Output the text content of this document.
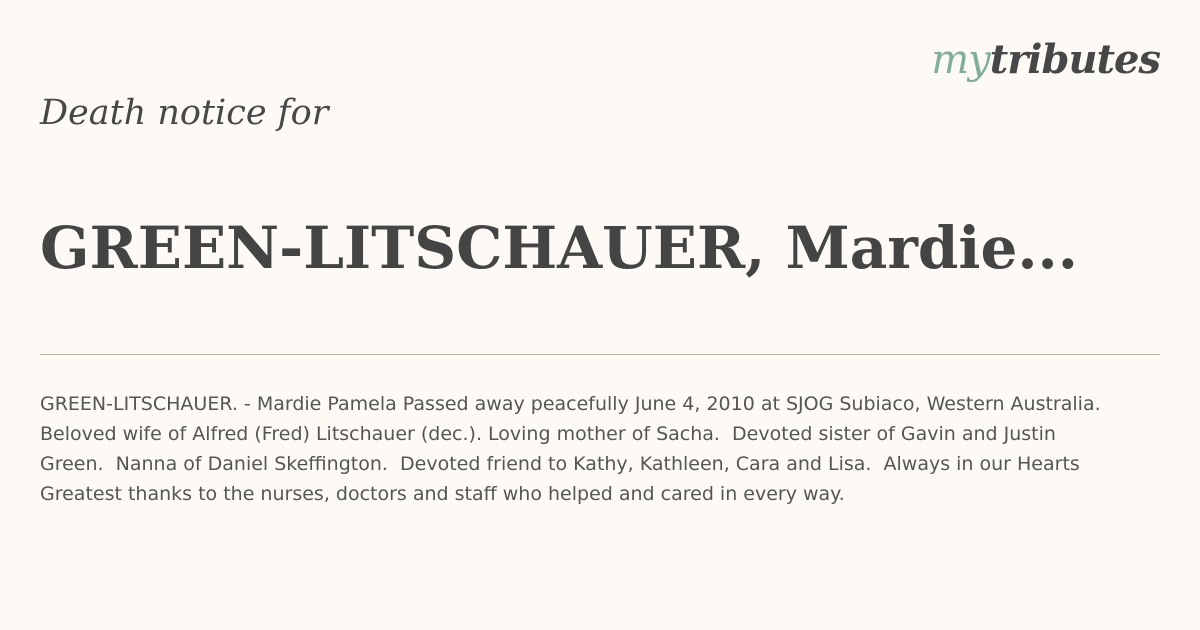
mytributes
Death notice for
GREEN-LITSCHAUER, Mardie...

GREEN-LITSCHAUER. - Mardie Pamela Passed away peacefully June 4, 2010 at SJOG Subiaco, Western Australia.
Beloved wife of Alfred (Fred) Litschauer (dec.). Loving mother of Sacha.  Devoted sister of Gavin and Justin
Green.  Nanna of Daniel Skeffington.  Devoted friend to Kathy, Kathleen, Cara and Lisa.  Always in our Hearts
Greatest thanks to the nurses, doctors and staff who helped and cared in every way.
